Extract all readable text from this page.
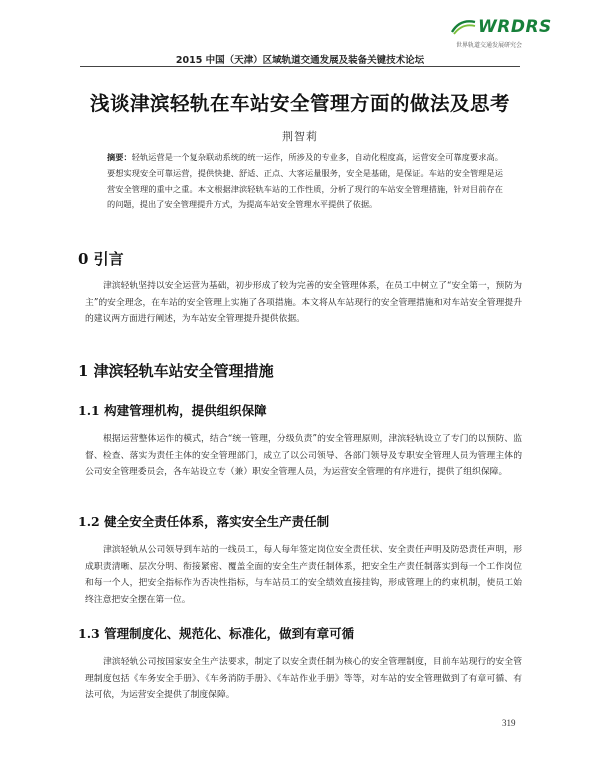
WRDRS
世界轨道交通发展研究会
2015 中国（天津）区域轨道交通发展及装备关键技术论坛
浅谈津滨轻轨在车站安全管理方面的做法及思考
荆智莉
摘要：轻轨运营是一个复杂联动系统的统一运作，所涉及的专业多，自动化程度高，运营安全可靠度要求高。要想实现安全可靠运营，提供快捷、舒适、正点、大客运量服务，安全是基础，是保证。车站的安全管理是运营安全管理的重中之重。本文根据津滨轻轨车站的工作性质，分析了现行的车站安全管理措施，针对目前存在的问题，提出了安全管理提升方式，为提高车站安全管理水平提供了依据。
0 引言
津滨轻轨坚持以安全运营为基础，初步形成了较为完善的安全管理体系，在员工中树立了“安全第一，预防为主”的安全理念，在车站的安全管理上实施了各项措施。本文将从车站现行的安全管理措施和对车站安全管理提升的建议两方面进行阐述，为车站安全管理提升提供依据。
1 津滨轻轨车站安全管理措施
1.1 构建管理机构，提供组织保障
根据运营整体运作的模式，结合“统一管理，分级负责”的安全管理原则，津滨轻轨设立了专门的以预防、监督、检查、落实为责任主体的安全管理部门，成立了以公司领导、各部门领导及专职安全管理人员为管理主体的公司安全管理委员会，各车站设立专（兼）职安全管理人员，为运营安全管理的有序进行，提供了组织保障。
1.2 健全安全责任体系，落实安全生产责任制
津滨轻轨从公司领导到车站的一线员工，每人每年签定岗位安全责任状、安全责任声明及防恐责任声明，形成职责清晰、层次分明、衔接紧密、覆盖全面的安全生产责任制体系，把安全生产责任制落实到每一个工作岗位和每一个人，把安全指标作为否决性指标，与车站员工的安全绩效直接挂钩，形成管理上的约束机制，使员工始终注意把安全摆在第一位。
1.3 管理制度化、规范化、标准化，做到有章可循
津滨轻轨公司按国家安全生产法要求，制定了以安全责任制为核心的安全管理制度，目前车站现行的安全管理制度包括《车务安全手册》、《车务消防手册》、《车站作业手册》等等，对车站的安全管理做到了有章可循、有法可依，为运营安全提供了制度保障。
319
